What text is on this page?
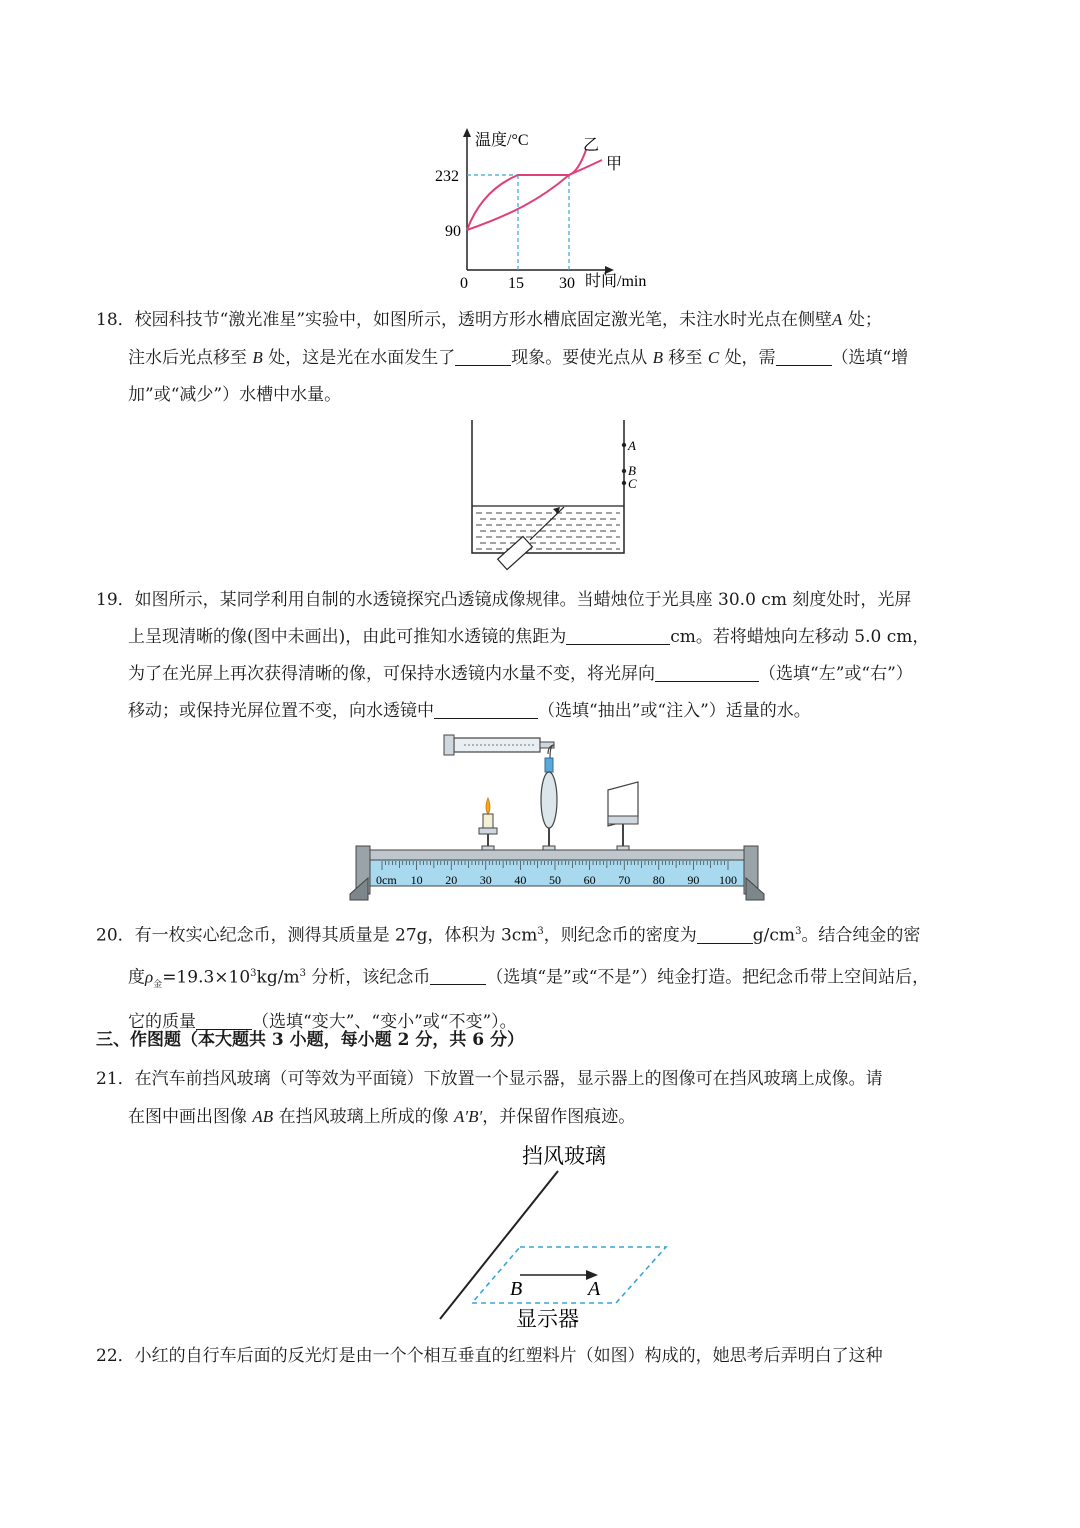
温度/°C
时间/min
232
90
0	15 30
乙
甲
18．校园科技节“激光准星”实验中，如图所示，透明方形水槽底固定激光笔，未注水时光点在侧壁A 处；
注水后光点移至 B 处，这是光在水面发生了	现象。要使光点从 B 移至 C 处，需	（选填“增
加”或“减少”）水槽中水量。
A
B
C
19．如图所示，某同学利用自制的水透镜探究凸透镜成像规律。当蜡烛位于光具座 30.0 cm 刻度处时，光屏
上呈现清晰的像(图中未画出)，由此可推知水透镜的焦距为	cm。若将蜡烛向左移动 5.0 cm，
为了在光屏上再次获得清晰的像，可保持水透镜内水量不变，将光屏向	（选填“左”或“右”）
移动；或保持光屏位置不变，向水透镜中	（选填“抽出”或“注入”）适量的水。
0cm 10 20 30 40 50 60 70 80 90 100
20．有一枚实心纪念币，测得其质量是 27g，体积为 $3cm^3$，则纪念币的密度为	$g/cm^3$。结合纯金的密
度$\rho_金=19.3\times 10^3kg/m^3$ 分析，该纪念币	（选填“是”或“不是”）纯金打造。把纪念币带上空间站后，
它的质量	（选填“变大”、“变小”或“不变”）。
三、作图题（本大题共 3 小题，每小题 2 分，共 6 分）
21．在汽车前挡风玻璃（可等效为平面镜）下放置一个显示器，显示器上的图像可在挡风玻璃上成像。请
在图中画出图像 AB 在挡风玻璃上所成的像 A′B′，并保留作图痕迹。
挡风玻璃
B	A
显示器
22．小红的自行车后面的反光灯是由一个个相互垂直的红塑料片（如图）构成的，她思考后弄明白了这种
